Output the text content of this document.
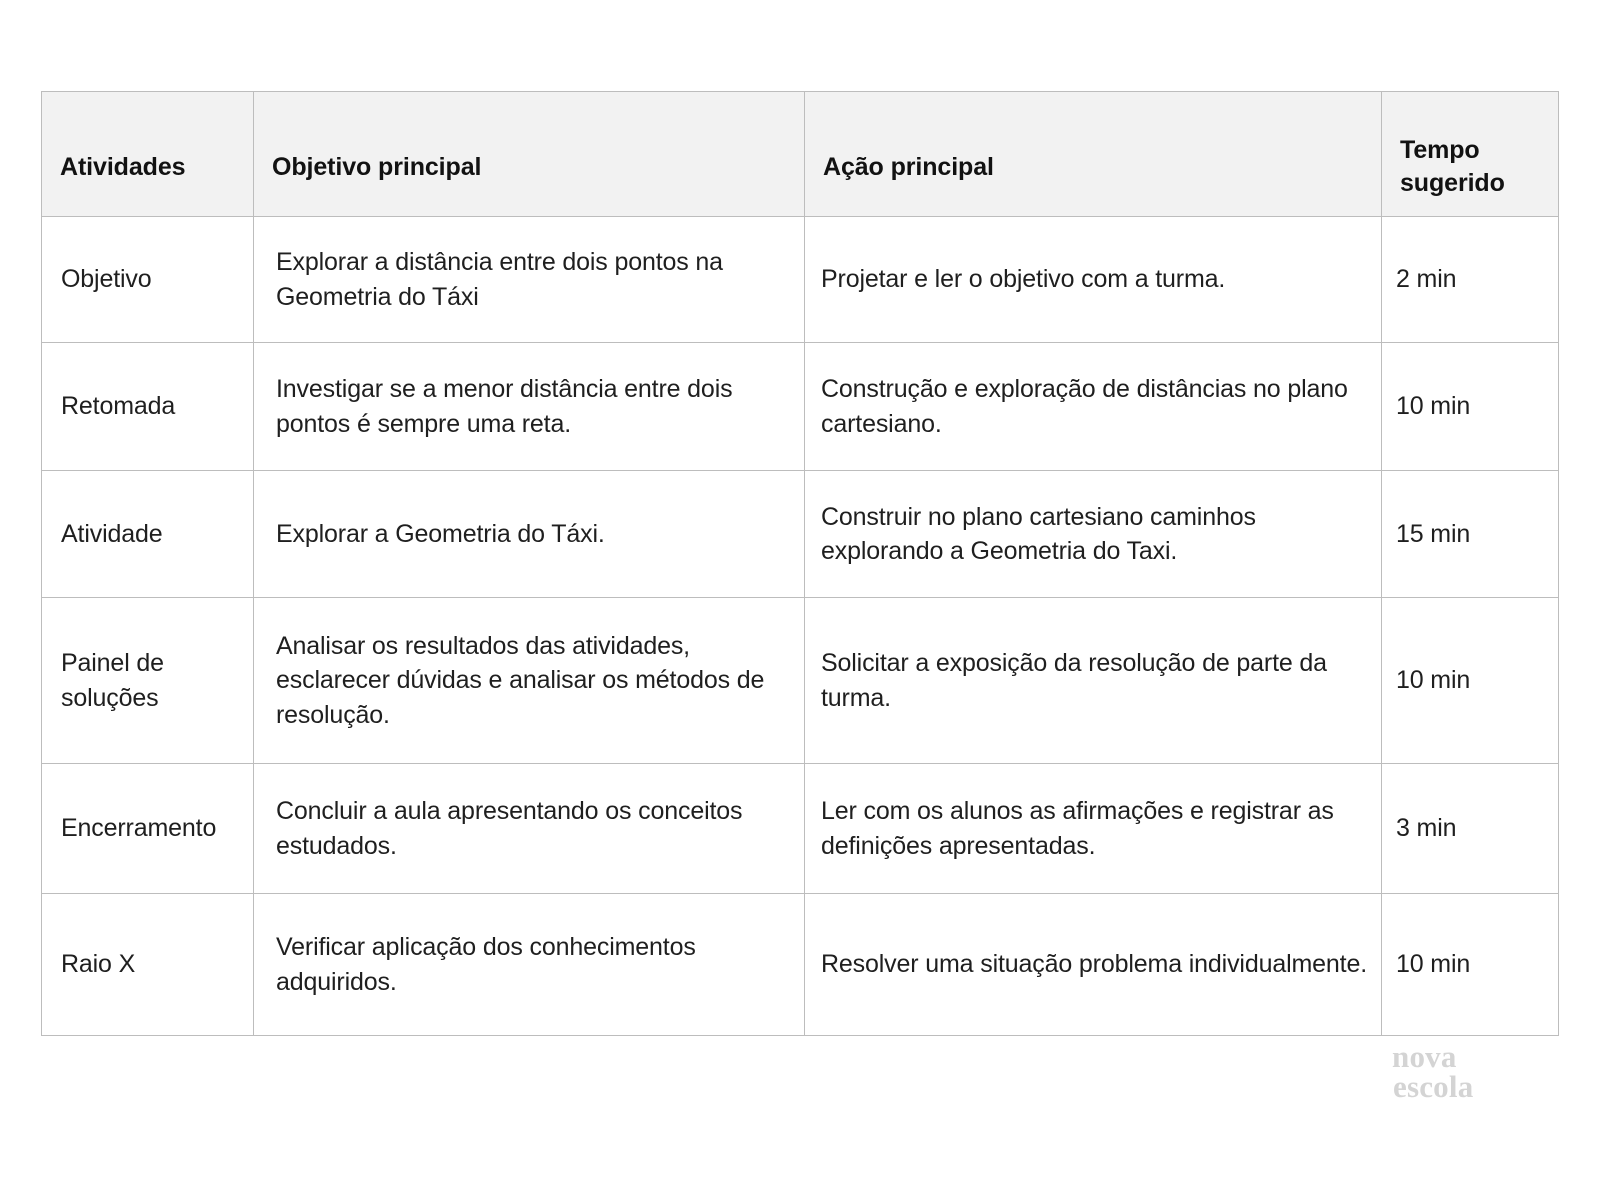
Atividades	Objetivo principal	Ação principal	Tempo sugerido

Objetivo	Explorar a distância entre dois pontos na Geometria do Táxi	Projetar e ler o objetivo com a turma.	2 min
Retomada	Investigar se a menor distância entre dois pontos é sempre uma reta.	Construção e exploração de distâncias no plano cartesiano.	10 min
Atividade	Explorar a Geometria do Táxi.	Construir no plano cartesiano caminhos explorando a Geometria do Taxi.	15 min
Painel de soluções	Analisar os resultados das atividades, esclarecer dúvidas e analisar os métodos de resolução.	Solicitar a exposição da resolução de parte da turma.	10 min
Encerramento	Concluir a aula apresentando os conceitos estudados.	Ler com os alunos as afirmações e registrar as definições apresentadas.	3 min
Raio X	Verificar aplicação dos conhecimentos adquiridos.	Resolver uma situação problema individualmente.	10 min
nova
escola
